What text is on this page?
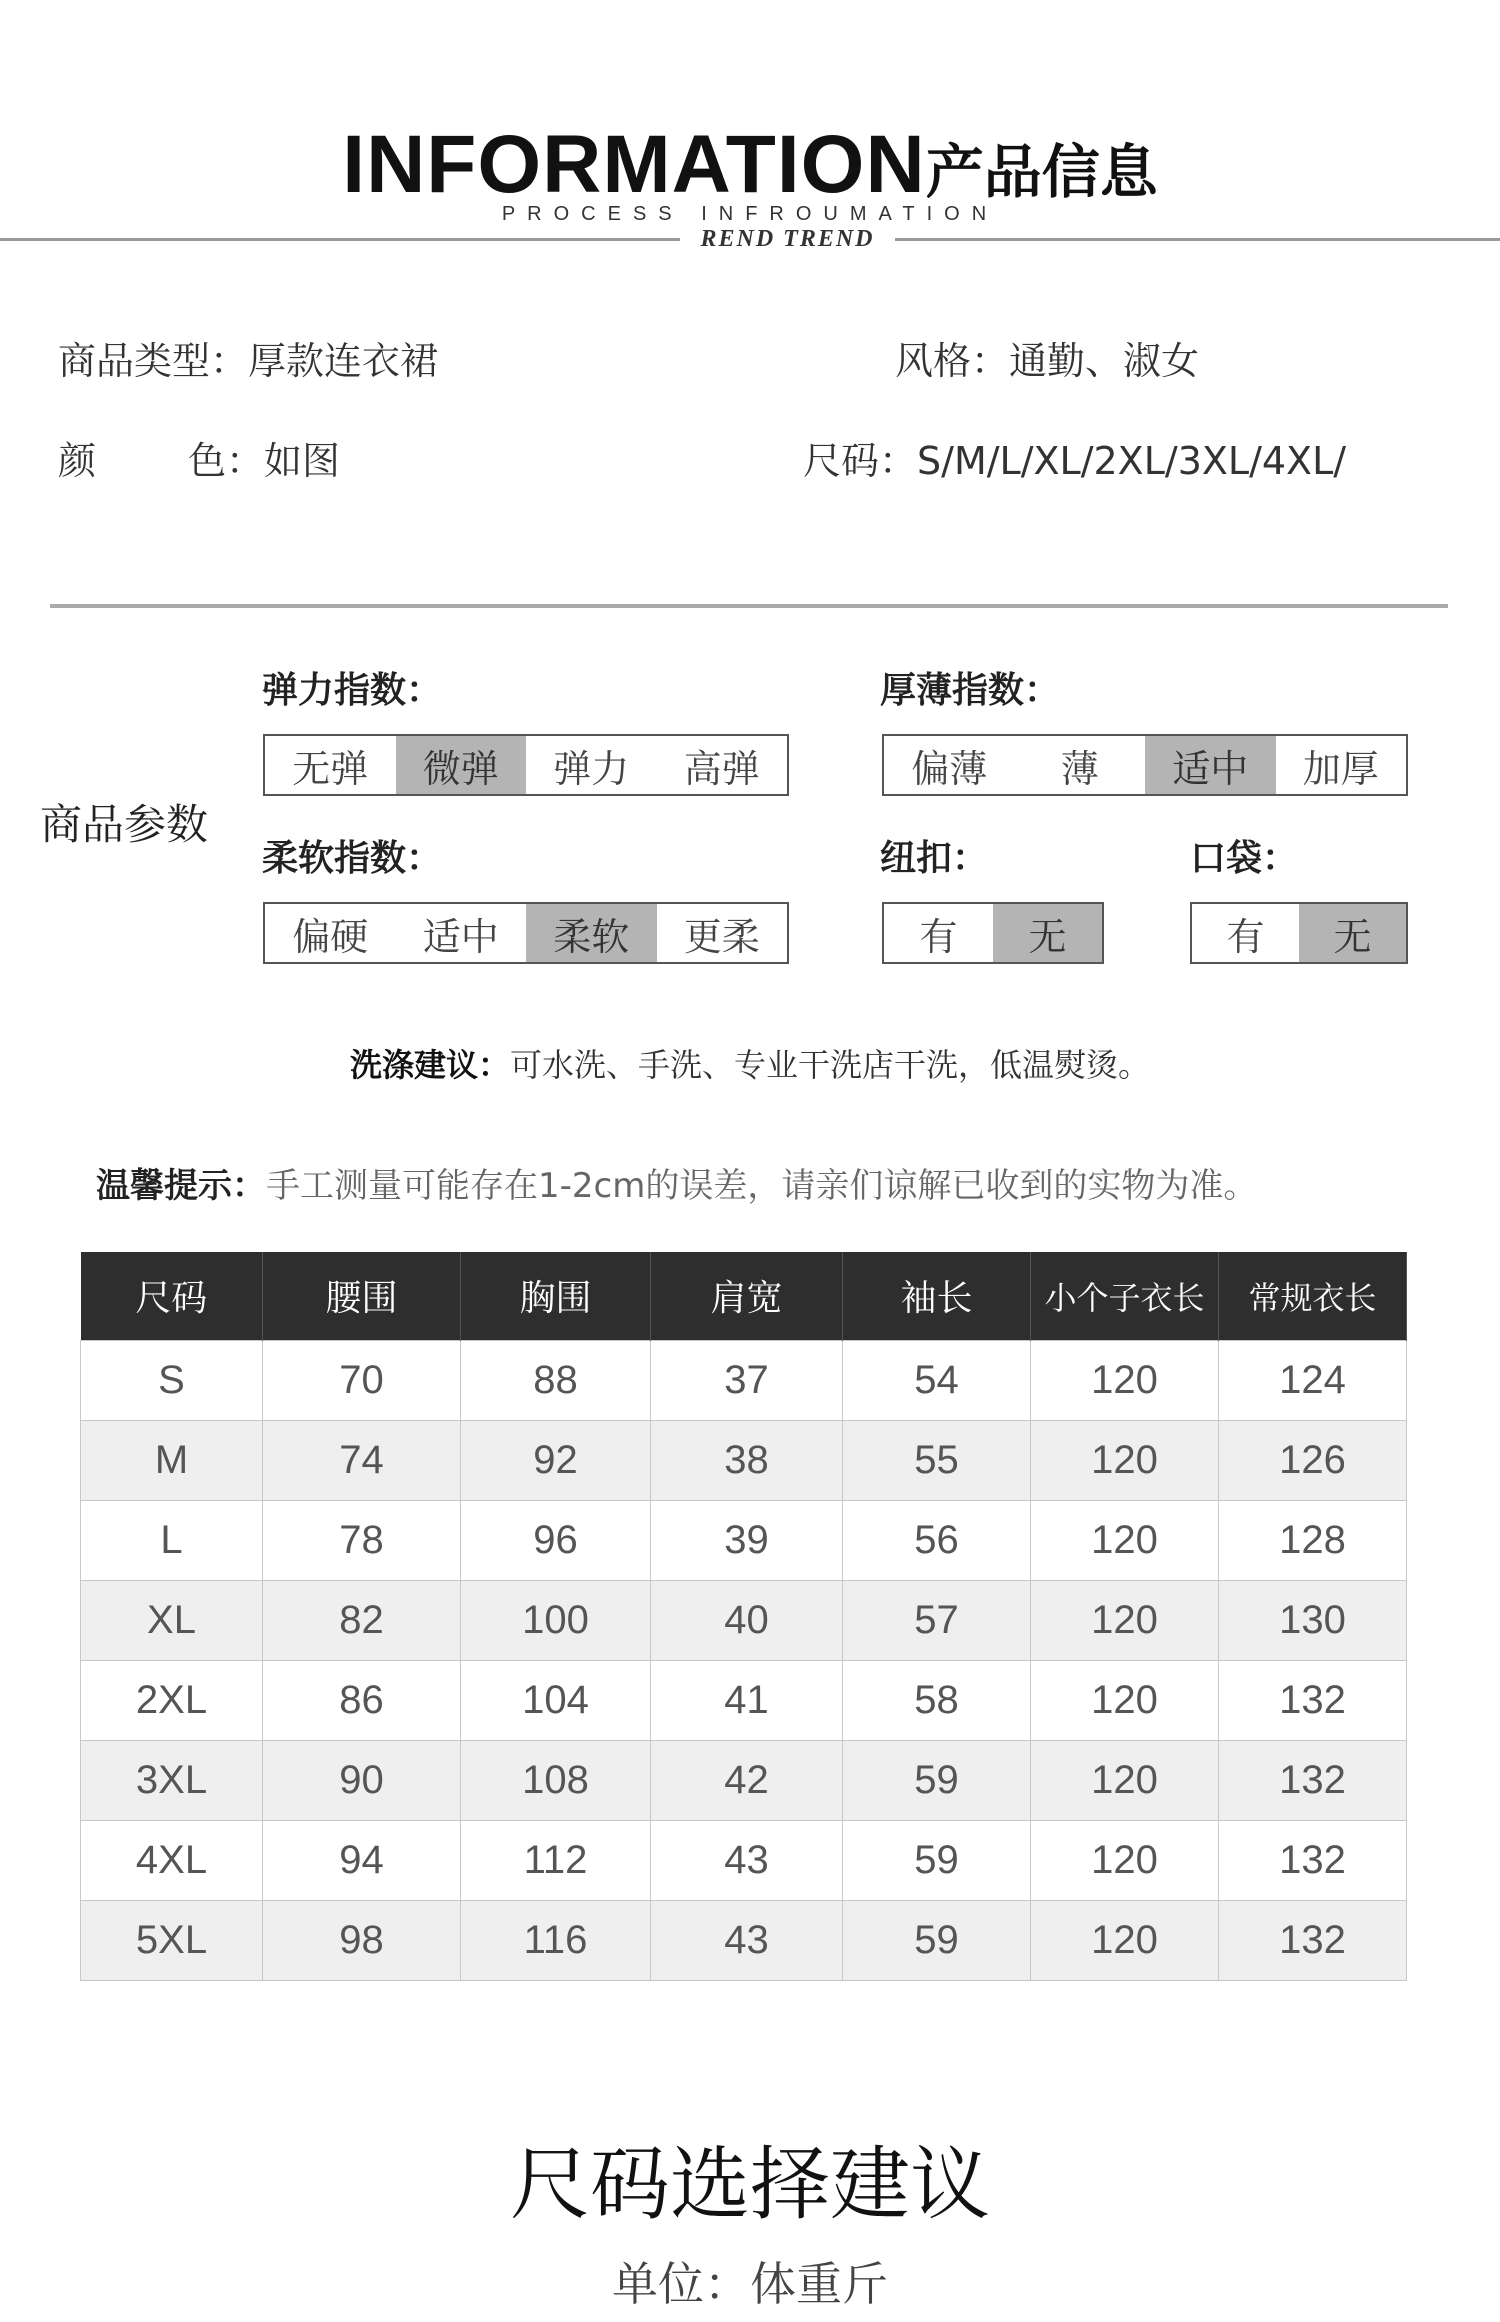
INFORMATION产品信息
PROCESS INFROUMATION
REND TREND
商品类型：厚款连衣裙	风格：通勤、淑女
颜 色：如图	尺码：S/M/L/XL/2XL/3XL/4XL/
商品参数
弹力指数：
无弹	微弹	弹力	高弹
厚薄指数：
偏薄	薄	适中	加厚
柔软指数：
偏硬	适中	柔软	更柔
纽扣：
有	无
口袋：
有	无
洗涤建议：可水洗、手洗、专业干洗店干洗，低温熨烫。
温馨提示：手工测量可能存在1-2cm的误差，请亲们谅解已收到的实物为准。
尺码	腰围	胸围	肩宽	袖长	小个子衣长	常规衣长
S	70	88	37	54	120	124
M	74	92	38	55	120	126
L	78	96	39	56	120	128
XL	82	100	40	57	120	130
2XL	86	104	41	58	120	132
3XL	90	108	42	59	120	132
4XL	94	112	43	59	120	132
5XL	98	116	43	59	120	132
尺码选择建议
单位：体重斤
